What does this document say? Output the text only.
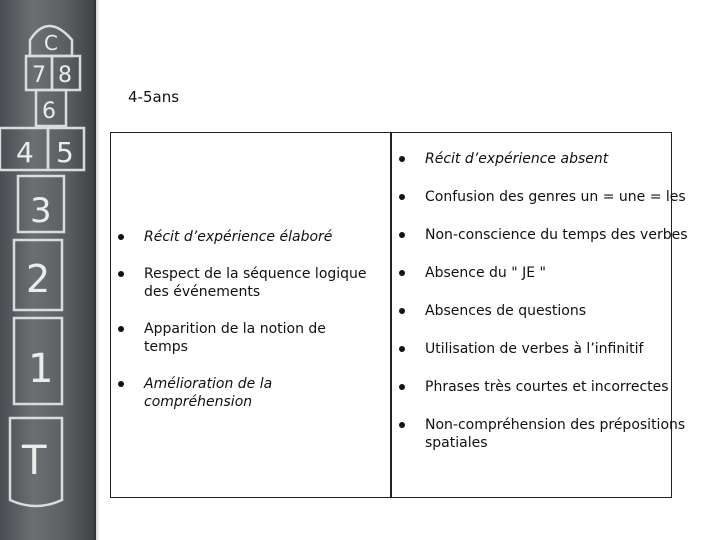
C
7 8
6
4 5
3
2
1
T
4-5ans
Récit d’expérience élaboré
Respect de la séquence logique des événements
Apparition de la notion de temps
Amélioration de la compréhension
Récit d’expérience absent
Confusion des genres un = une = les
Non-conscience du temps des verbes
Absence du " JE "
Absences de questions
Utilisation de verbes à l’infinitif
Phrases très courtes et incorrectes
Non-compréhension des prépositions spatiales
